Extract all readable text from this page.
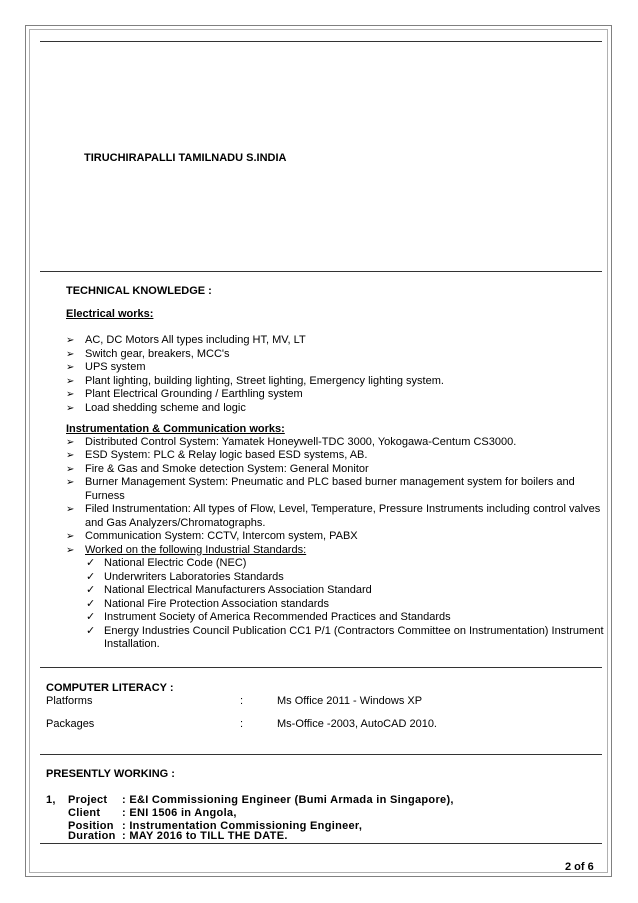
TIRUCHIRAPALLI TAMILNADU S.INDIA
TECHNICAL KNOWLEDGE :
Electrical works:
➢ AC, DC Motors All types including HT, MV, LT
➢ Switch gear, breakers, MCC's
➢ UPS system
➢ Plant lighting, building lighting, Street lighting, Emergency lighting system.
➢ Plant Electrical Grounding / Earthling system
➢ Load shedding scheme and logic
Instrumentation & Communication works:
➢ Distributed Control System: Yamatek Honeywell-TDC 3000, Yokogawa-Centum CS3000.
➢ ESD System: PLC & Relay logic based ESD systems, AB.
➢ Fire & Gas and Smoke detection System: General Monitor
➢ Burner Management System: Pneumatic and PLC based burner management system for boilers and
Furness
➢ Filed Instrumentation: All types of Flow, Level, Temperature, Pressure Instruments including control valves
and Gas Analyzers/Chromatographs.
➢ Communication System: CCTV, Intercom system, PABX
➢ Worked on the following Industrial Standards:
✓ National Electric Code (NEC)
✓ Underwriters Laboratories Standards
✓ National Electrical Manufacturers Association Standard
✓ National Fire Protection Association standards
✓ Instrument Society of America Recommended Practices and Standards
✓ Energy Industries Council Publication CC1 P/1 (Contractors Committee on Instrumentation) Instrument
Installation.
COMPUTER LITERACY :
Platforms	:	Ms Office 2011 - Windows XP
Packages	:	Ms-Office -2003, AutoCAD 2010.
PRESENTLY WORKING :
1, Project : E&I Commissioning Engineer (Bumi Armada in Singapore),
Client : ENI 1506 in Angola,
Position : Instrumentation Commissioning Engineer,
Duration : MAY 2016 to TILL THE DATE.
2 of 6
